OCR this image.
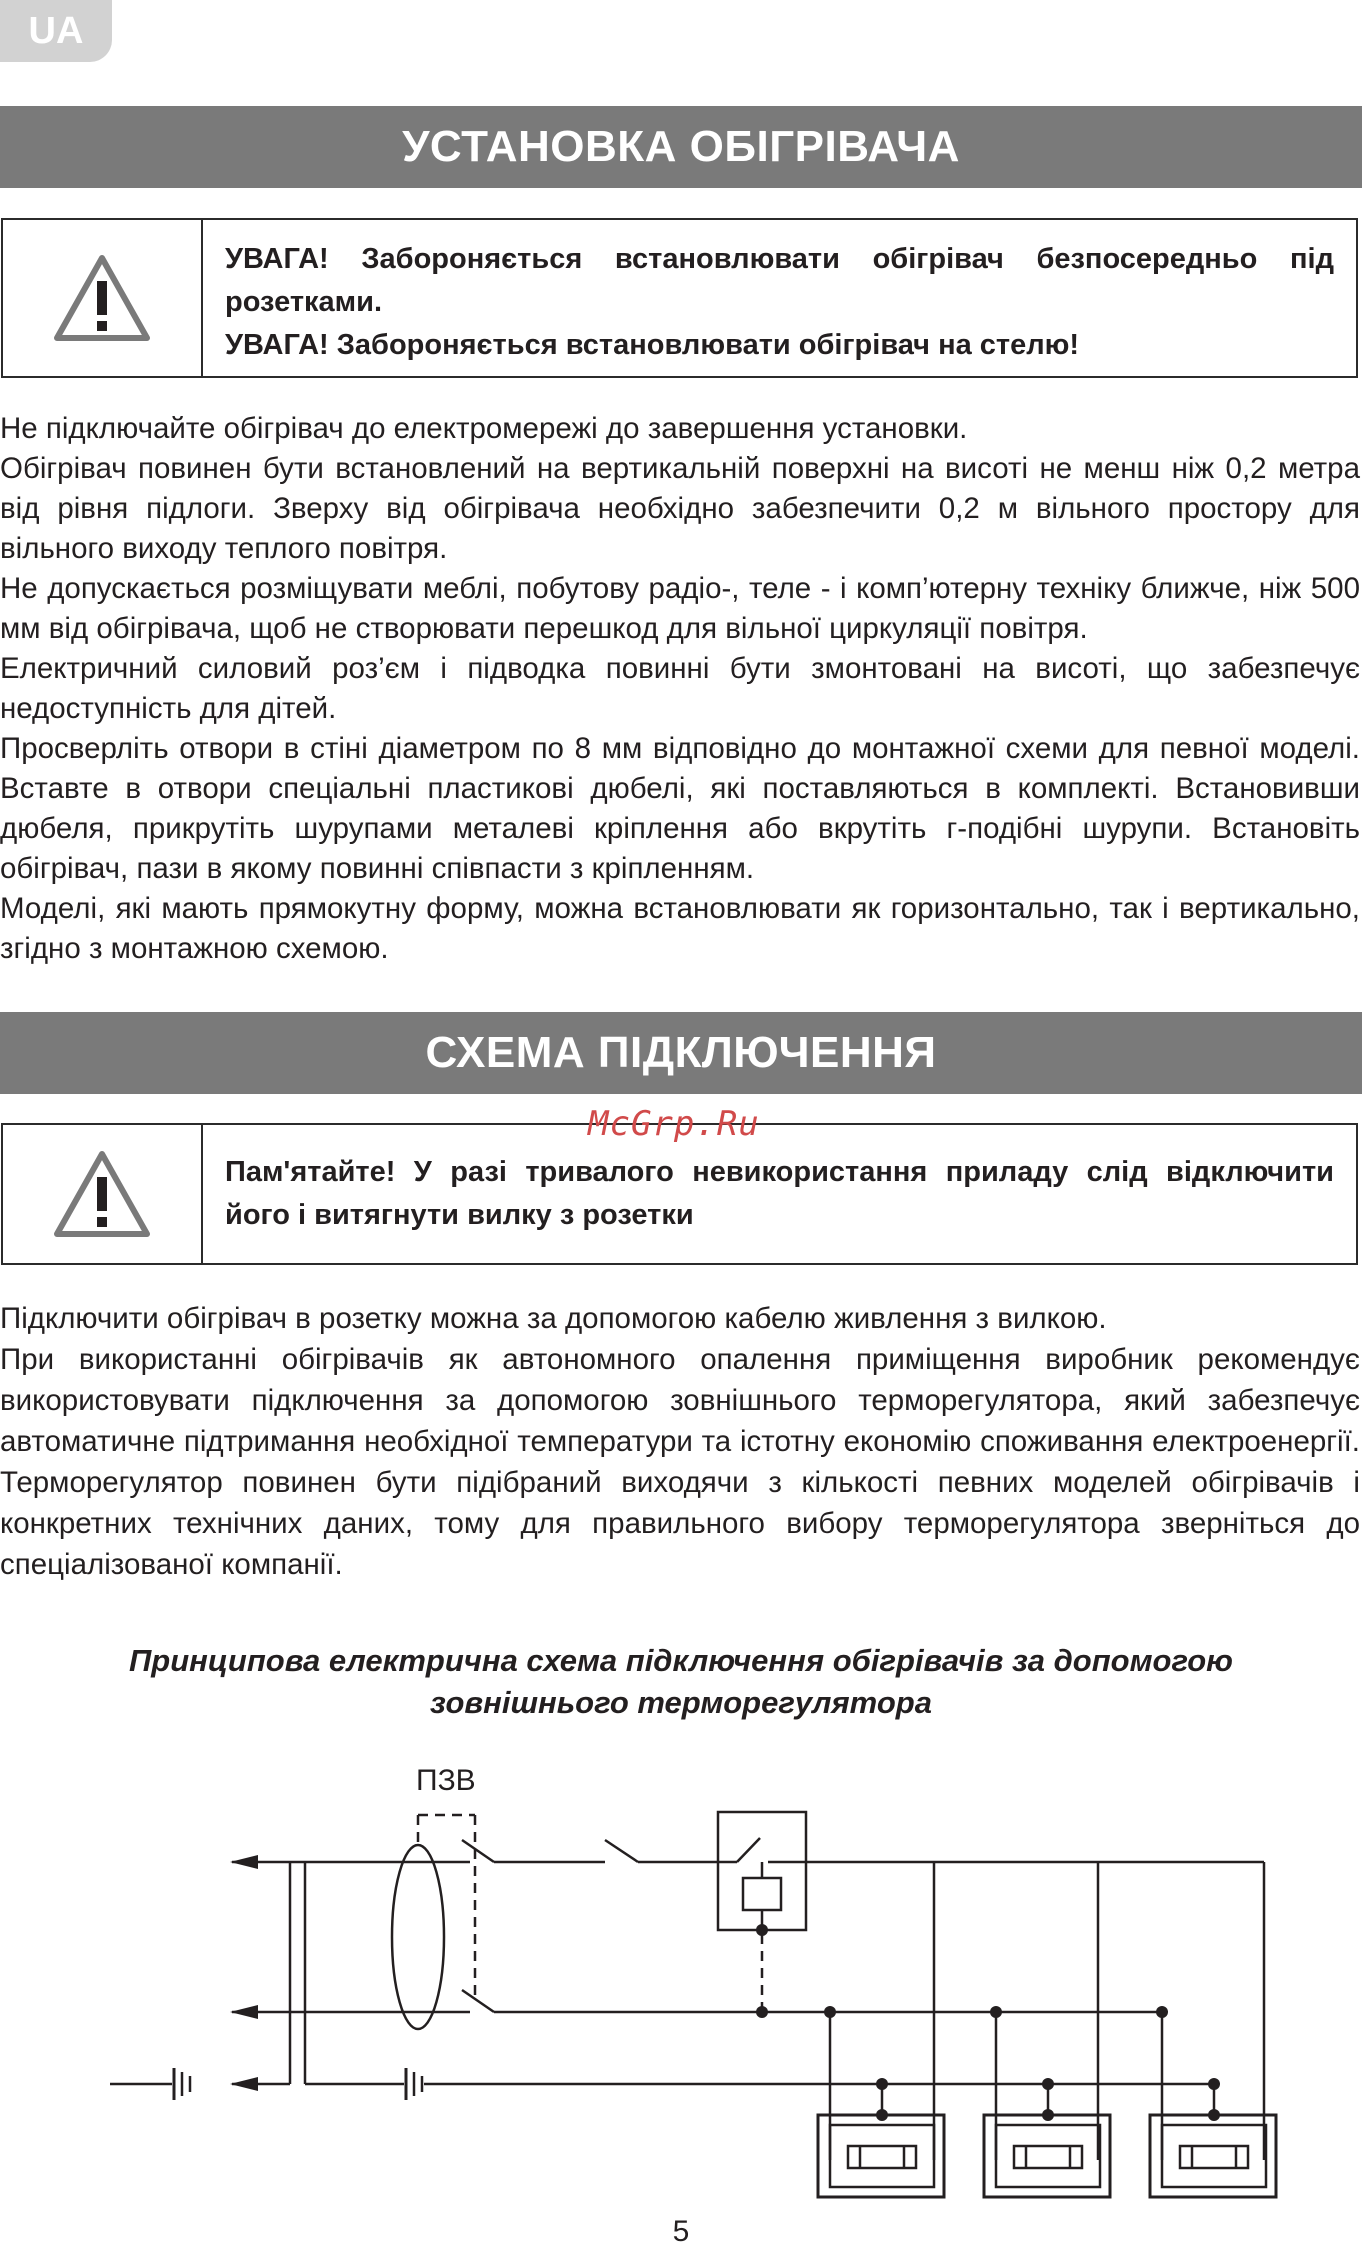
UA
УСТАНОВКА ОБІГРІВАЧА
УВАГА! Забороняється встановлювати обігрівач безпосередньо під розетками.
УВАГА! Забороняється встановлювати обігрівач на стелю!

Не підключайте обігрівач до електромережі до завершення установки.

Обігрівач повинен бути встановлений на вертикальній поверхні на висоті не менш ніж 0,2 метра від рівня підлоги. Зверху від обігрівача необхідно забезпечити 0,2 м вільного простору для вільного виходу теплого повітря.

Не допускається розміщувати меблі, побутову радіо-, теле - і комп’ютерну техніку ближче, ніж 500 мм від обігрівача, щоб не створювати перешкод для вільної циркуляції повітря.

Електричний силовий роз’єм і підводка повинні бути змонтовані на висоті, що забезпечує недоступність для дітей.

Просверліть отвори в стіні діаметром по 8 мм відповідно до монтажної схеми для певної моделі. Вставте в отвори спеціальні пластикові дюбелі, які поставляються в комплекті. Встановивши дюбеля, прикрутіть шурупами металеві кріплення або вкрутіть г-подібні шурупи. Встановіть обігрівач, пази в якому повинні співпасти з кріпленням.

Моделі, які мають прямокутну форму, можна встановлювати як горизонтально, так і вертикально, згідно з монтажною схемою.

СХЕМА ПІДКЛЮЧЕННЯ
Пам'ятайте! У разі тривалого невикористання приладу слід відключити його і витягнути вилку з розетки
McGrp.Ru

Підключити обігрівач в розетку можна за допомогою кабелю живлення з вилкою.

При використанні обігрівачів як автономного опалення приміщення виробник рекомендує використовувати підключення за допомогою зовнішнього терморегулятора, який забезпечує автоматичне підтримання необхідної температури та істотну економію споживання електроенергії. Терморегулятор повинен бути підібраний виходячи з кількості певних моделей обігрівачів і конкретних технічних даних, тому для правильного вибору терморегулятора зверніться до спеціалізованої компанії.

Принципова електрична схема підключення обігрівачів за допомогою
зовнішнього терморегулятора
ПЗВ
5
